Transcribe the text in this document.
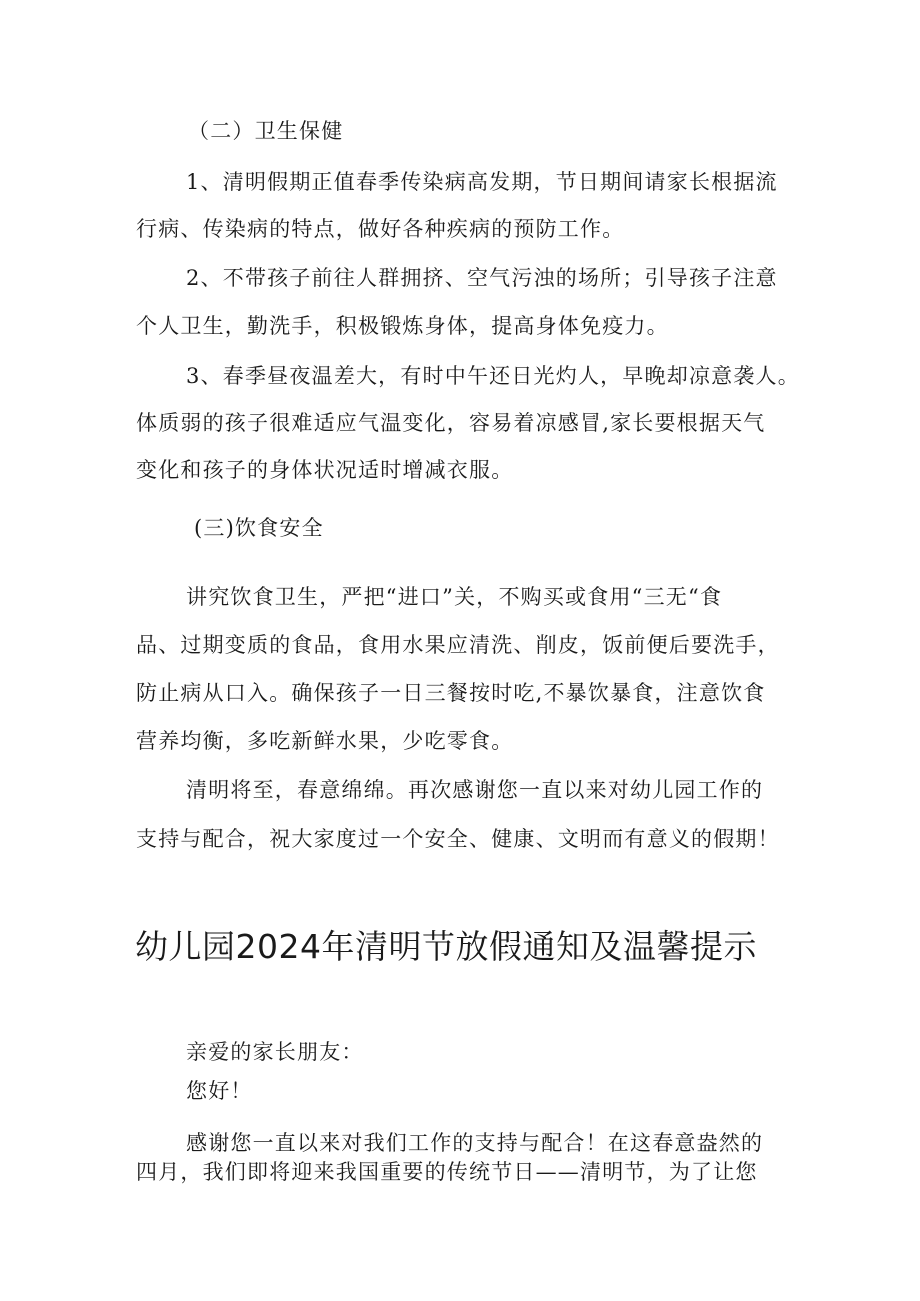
（二）卫生保健

1、清明假期正值春季传染病高发期，节日期间请家长根据流

行病、传染病的特点，做好各种疾病的预防工作。

2、不带孩子前往人群拥挤、空气污浊的场所；引导孩子注意

个人卫生，勤洗手，积极锻炼身体，提高身体免疫力。

3、春季昼夜温差大，有时中午还日光灼人，早晚却凉意袭人。

体质弱的孩子很难适应气温变化，容易着凉感冒,家长要根据天气

变化和孩子的身体状况适时增减衣服。

(三)饮食安全

讲究饮食卫生，严把“进口”关，不购买或食用“三无“食

品、过期变质的食品，食用水果应清洗、削皮，饭前便后要洗手，

防止病从口入。确保孩子一日三餐按时吃,不暴饮暴食，注意饮食

营养均衡，多吃新鲜水果，少吃零食。

清明将至，春意绵绵。再次感谢您一直以来对幼儿园工作的

支持与配合，祝大家度过一个安全、健康、文明而有意义的假期！

幼儿园2024年清明节放假通知及温馨提示

亲爱的家长朋友：

您好！

感谢您一直以来对我们工作的支持与配合！在这春意盎然的

四月，我们即将迎来我国重要的传统节日——清明节，为了让您
